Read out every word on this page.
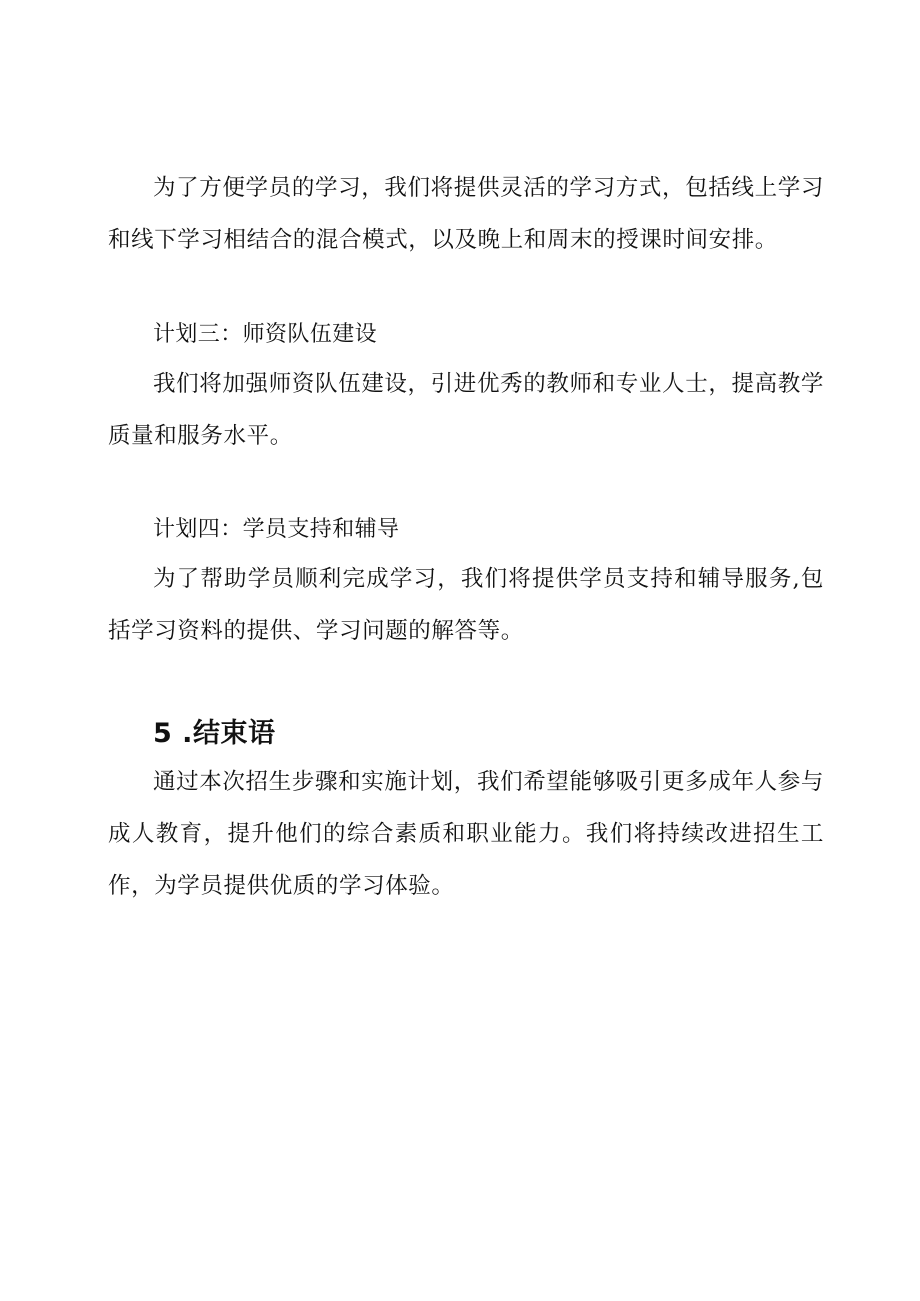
为了方便学员的学习，我们将提供灵活的学习方式，包括线上学习和线下学习相结合的混合模式，以及晚上和周末的授课时间安排。

计划三：师资队伍建设

我们将加强师资队伍建设，引进优秀的教师和专业人士，提高教学质量和服务水平。

计划四：学员支持和辅导

为了帮助学员顺利完成学习，我们将提供学员支持和辅导服务,包括学习资料的提供、学习问题的解答等。

5 .结束语

通过本次招生步骤和实施计划，我们希望能够吸引更多成年人参与成人教育，提升他们的综合素质和职业能力。我们将持续改进招生工作，为学员提供优质的学习体验。
